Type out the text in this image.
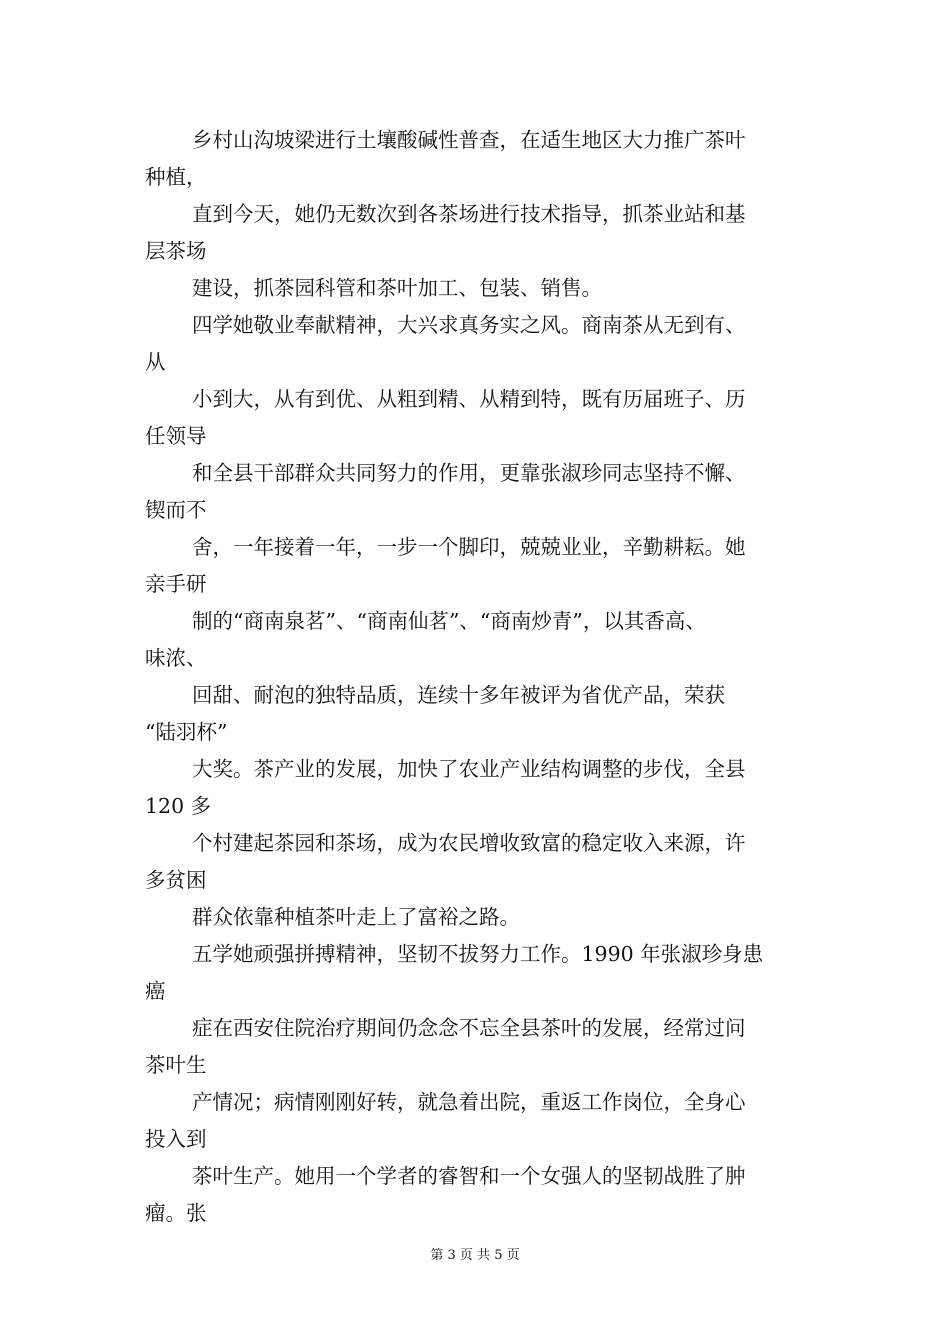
乡村山沟坡梁进行土壤酸碱性普查，在适生地区大力推广茶叶
种植，
直到今天，她仍无数次到各茶场进行技术指导，抓茶业站和基
层茶场
建设，抓茶园科管和茶叶加工、包装、销售。
四学她敬业奉献精神，大兴求真务实之风。商南茶从无到有、
从
小到大，从有到优、从粗到精、从精到特，既有历届班子、历
任领导
和全县干部群众共同努力的作用，更靠张淑珍同志坚持不懈、
锲而不
舍，一年接着一年，一步一个脚印，兢兢业业，辛勤耕耘。她
亲手研
制的“商南泉茗”、“商南仙茗”、“商南炒青”，以其香高、
味浓、
回甜、耐泡的独特品质，连续十多年被评为省优产品，荣获
“陆羽杯”
大奖。茶产业的发展，加快了农业产业结构调整的步伐，全县
120 多
个村建起茶园和茶场，成为农民增收致富的稳定收入来源，许
多贫困
群众依靠种植茶叶走上了富裕之路。
五学她顽强拼搏精神，坚韧不拔努力工作。1990 年张淑珍身患
癌
症在西安住院治疗期间仍念念不忘全县茶叶的发展，经常过问
茶叶生
产情况；病情刚刚好转，就急着出院，重返工作岗位，全身心
投入到
茶叶生产。她用一个学者的睿智和一个女强人的坚韧战胜了肿
瘤。张
第 3 页 共 5 页
